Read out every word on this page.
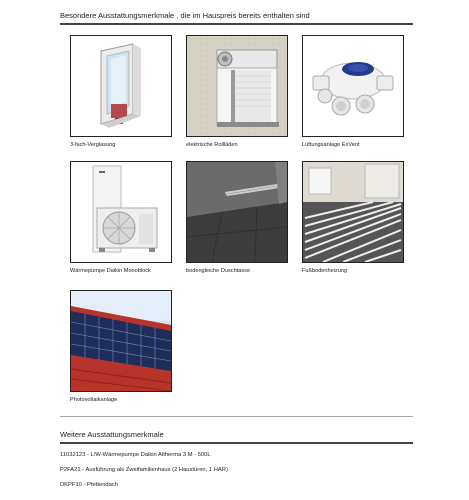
Besondere Ausstattungsmerkmale , die im Hauspreis bereits enthalten sind
3-fach-Verglasung	elektrische Rollläden	Lüftungsanlage ExVent
Wärmepumpe Daikin Monoblock	bodengleiche Duschtasse	Fußbodenheizung
Photovoltaikanlage
Weitere Ausstattungsmerkmale
11032123 - L/W-Wärmepumpe Daikin Altherma 3 M - 500L
P2FA21 - Ausführung als Zweifamilienhaus (2 Haustüren, 1 HAR)
DKPF10 - Pfettendach
